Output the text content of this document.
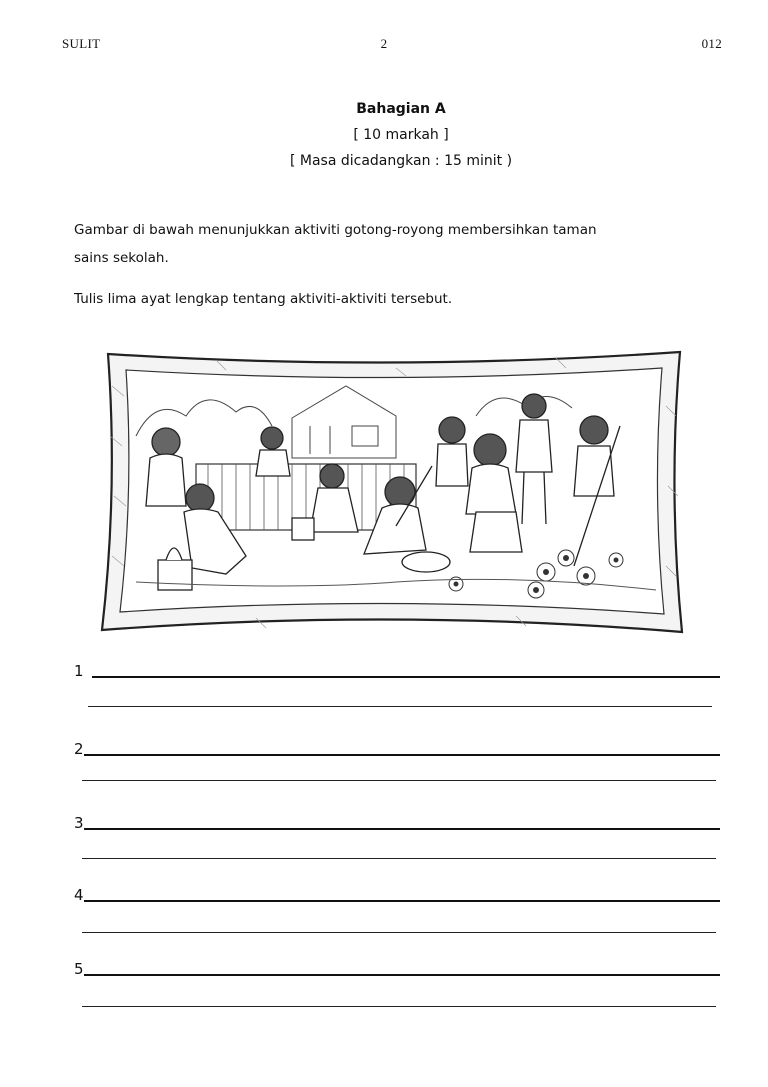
SULIT	2	012
Bahagian A
[ 10 markah ]
[ Masa dicadangkan : 15 minit )
Gambar di bawah menunjukkan aktiviti gotong-royong membersihkan taman
sains sekolah.
Tulis lima ayat lengkap tentang aktiviti-aktiviti tersebut.
1
2
3
4
5
